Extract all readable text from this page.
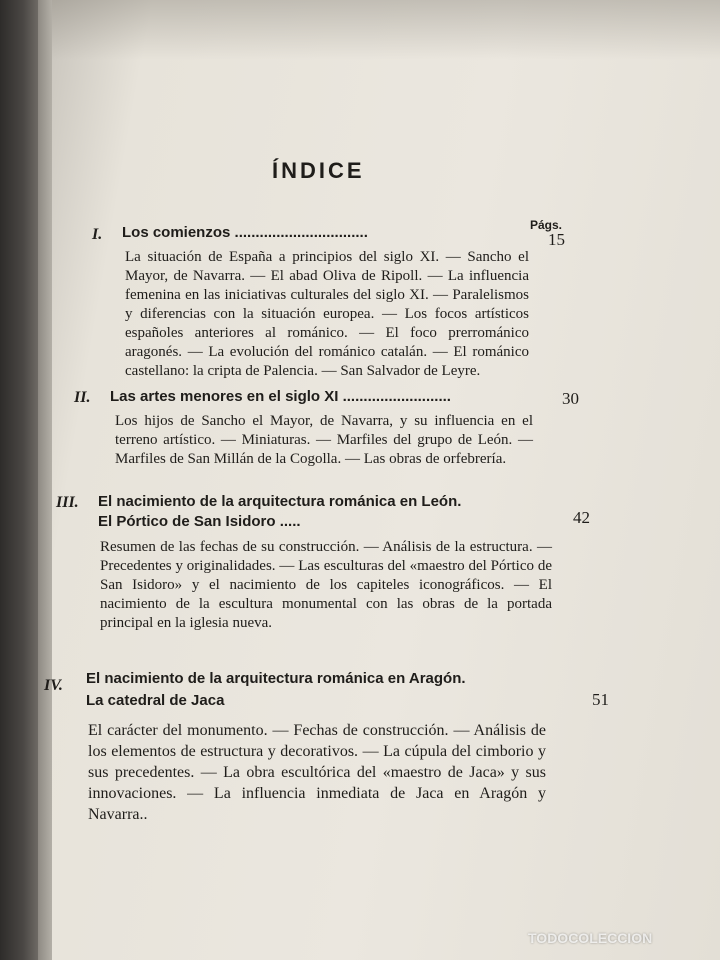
ÍNDICE
Págs.
I. Los comienzos ................................	15
La situación de España a principios del siglo XI. — Sancho el Mayor, de Navarra. — El abad Oliva de Ripoll. — La influencia femenina en las iniciativas culturales del siglo XI. — Paralelismos y diferencias con la situación europea. — Los focos artísticos españoles anteriores al románico. — El foco prerrománico aragonés. — La evolución del románico catalán. — El románico castellano: la cripta de Palencia. — San Salvador de Leyre.
II. Las artes menores en el siglo XI ..........................	30
Los hijos de Sancho el Mayor, de Navarra, y su influencia en el terreno artístico. — Miniaturas. — Marfiles del grupo de León. — Marfiles de San Millán de la Cogolla. — Las obras de orfebrería.
III. El nacimiento de la arquitectura románica en León.
El Pórtico de San Isidoro .....	42
Resumen de las fechas de su construcción. — Análisis de la estructura. — Precedentes y originalidades. — Las esculturas del «maestro del Pórtico de San Isidoro» y el nacimiento de los capiteles iconográficos. — El nacimiento de la escultura monumental con las obras de la portada principal en la iglesia nueva.
IV. El nacimiento de la arquitectura románica en Aragón.
La catedral de Jaca	51
El carácter del monumento. — Fechas de construcción. — Análisis de los elementos de estructura y decorativos. — La cúpula del cimborio y sus precedentes. — La obra escultórica del «maestro de Jaca» y sus innovaciones. — La influencia inmediata de Jaca en Aragón y Navarra..
TODOCOLECCION
